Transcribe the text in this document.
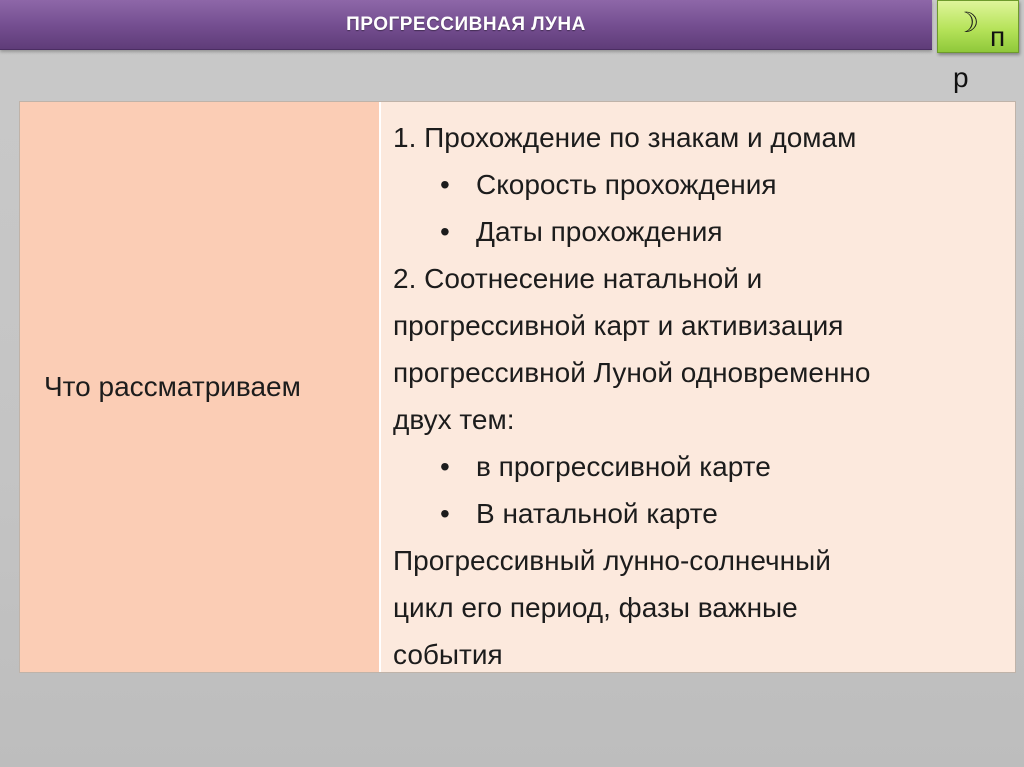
ПРОГРЕССИВНАЯ ЛУНА	☽ п
р
Что рассматриваем
1. Прохождение по знакам и домам
• Скорость прохождения
• Даты прохождения
2. Соотнесение натальной и
прогрессивной карт и активизация
прогрессивной Луной одновременно
двух тем:
• в прогрессивной карте
• В натальной карте
Прогрессивный лунно-солнечный
цикл его период, фазы важные
события
